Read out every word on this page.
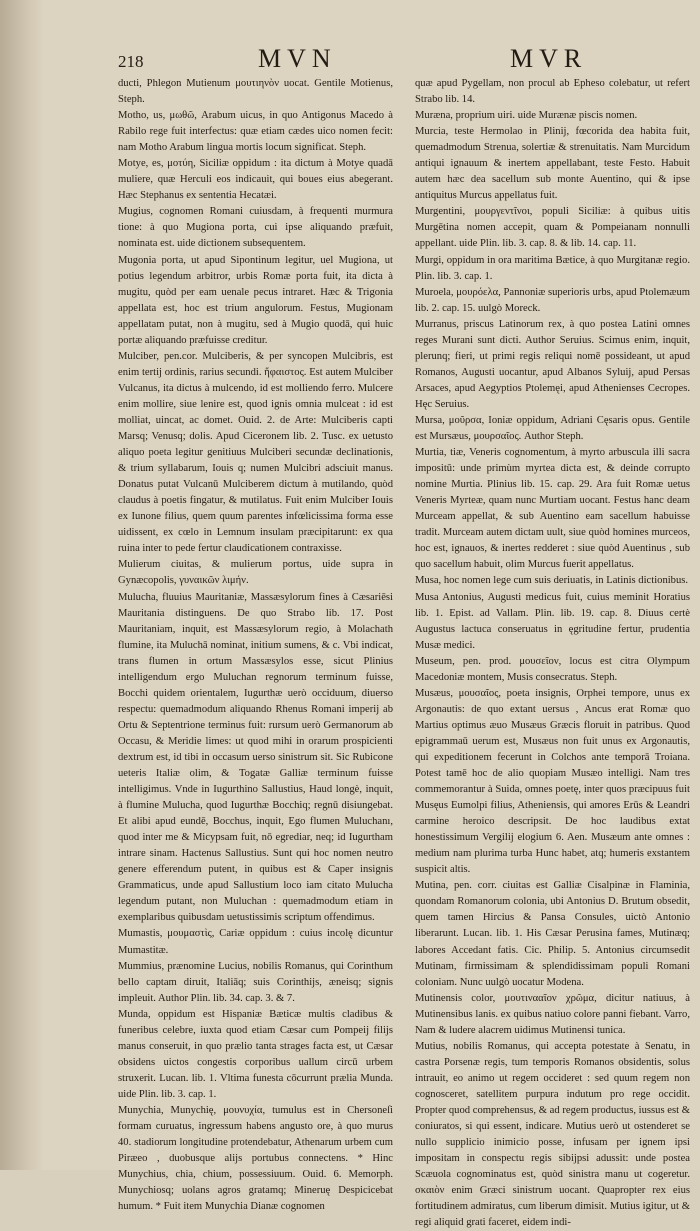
218	MVN	MVR

ducti, Phlegon Mutienum μουτιηνὸν uocat. Gentile Motienus, Steph.

Motho, us, μωθῶ, Arabum uicus, in quo Antigonus Macedo à Rabilo rege fuit interfectus: quæ etiam cædes uico nomen fecit: nam Motho Arabum lingua mortis locum significat. Steph.

Motye, es, μοτύη, Siciliæ oppidum : ita dictum à Motye quadā muliere, quæ Herculi eos indicauit, qui boues eius abegerant. Hæc Stephanus ex sententia Hecatæi.

Mugius, cognomen Romani cuiusdam, à frequenti murmura tione: à quo Mugiona porta, cui ipse aliquando præfuit, nominata est. uide dictionem subsequentem.

Mugonia porta, ut apud Sipontinum legitur, uel Mugiona, ut potius legendum arbitror, urbis Romæ porta fuit, ita dicta à mugitu, quòd per eam uenale pecus intraret. Hæc & Trigonia appellata est, hoc est trium angulorum. Festus, Mugionam appellatam putat, non à mugitu, sed à Mugio quodā, qui huic portæ aliquando præfuisse creditur.

Mulciber, pen.cor. Mulciberis, & per syncopen Mulcibris, est enim tertij ordinis, rarius secundi. ἥφαιστος. Est autem Mulciber Vulcanus, ita dictus à mulcendo, id est molliendo ferro. Mulcere enim mollire, siue lenire est, quod ignis omnia mulceat : id est molliat, uincat, ac domet. Ouid. 2. de Arte: Mulciberis capti Marsq; Venusq; dolis. Apud Ciceronem lib. 2. Tusc. ex uetusto aliquo poeta legitur genitiuus Mulciberi secundæ declinationis, & trium syllabarum, Iouis q; numen Mulcibri adsciuit manus. Donatus putat Vulcanū Mulciberem dictum à mutilando, quòd claudus à poetis fingatur, & mutilatus. Fuit enim Mulciber Iouis ex Iunone filius, quem quum parentes infœlicissima forma esse uidissent, ex cœlo in Lemnum insulam præcipitarunt: ex qua ruina inter to pede fertur claudicationem contraxisse.

Mulierum ciuitas, & mulierum portus, uide supra in Gynæcopolis, γυναικῶν λιμήν.

Mulucha, fluuius Mauritaniæ, Massæsylorum fines à Cæsariēsi Mauritania distinguens. De quo Strabo lib. 17. Post Mauritaniam, inquit, est Massæsylorum regio, à Molachath flumine, ita Muluchā nominat, initium sumens, & c. Vbi indicat, trans flumen in ortum Massæsylos esse, sicut Plinius intelligendum ergo Muluchan regnorum terminum fuisse, Bocchi quidem orientalem, Iugurthæ uerò occiduum, diuerso respectu: quemadmodum aliquando Rhenus Romani imperij ab Ortu & Septentrione terminus fuit: rursum uerò Germanorum ab Occasu, & Meridie limes: ut quod mihi in orarum prospicienti dextrum est, id tibi in occasum uerso sinistrum sit. Sic Rubicone ueteris Italiæ olim, & Togatæ Galliæ terminum fuisse intelligimus. Vnde in Iugurthino Sallustius, Haud longè, inquit, à flumine Mulucha, quod Iugurthæ Bocchiq; regnū disiungebat. Et alibi apud eundē, Bocchus, inquit, Ego flumen Muluchanı, quod inter me & Micypsam fuit, nō egrediar, neq; id Iugurtham intrare sinam. Hactenus Sallustius. Sunt qui hoc nomen neutro genere efferendum putent, in quibus est & Caper insignis Grammaticus, unde apud Sallustium loco iam citato Mulucha legendum putant, non Muluchan : quemadmodum etiam in exemplaribus quibusdam uetustissimis scriptum offendimus.

Mumastis, μουμαστὶς, Cariæ oppidum : cuius incolę dicuntur Mumastitæ.

Mummius, prænomine Lucius, nobilis Romanus, qui Corinthum bello captam diruit, Italiāq; suis Corinthijs, æneisq; signis impleuit. Author Plin. lib. 34. cap. 3. & 7.

Munda, oppidum est Hispaniæ Bæticæ multis cladibus & funeribus celebre, iuxta quod etiam Cæsar cum Pompeij filijs manus conseruit, in quo prælio tanta strages facta est, ut Cæsar obsidens uictos congestis corporibus uallum circū urbem struxerit. Lucan. lib. 1. Vltima funesta cōcurrunt prælia Munda. uide Plin. lib. 3. cap. 1.

Munychia, Munychię, μουνυχία, tumulus est in Chersoneſi formam curuatus, ingressum habens angusto ore, à quo murus 40. stadiorum longitudine protendebatur, Athenarum urbem cum Piræeo , duobusque alijs portubus connectens. * Hinc Munychius, chia, chium, possessiuum. Ouid. 6. Memorph. Munychiosq; uolans agros gratamq; Mineruę Despicicebat humum. * Fuit item Munychia Dianæ cognomen

quæ apud Pygellam, non procul ab Epheso colebatur, ut refert Strabo lib. 14.

Muræna, proprium uiri. uide Murænæ piscis nomen.

Murcia, teste Hermolao in Plinij, fœcorida dea habita fuit, quemadmodum Strenua, solertiæ & strenuitatis. Nam Murcidum antiqui ignauum & inertem appellabant, teste Festo. Habuit autem hæc dea sacellum sub monte Auentino, qui & ipse antiquitus Murcus appellatus fuit.

Murgentini, μουργεντῖνοι, populi Siciliæ: à quibus uitis Murgētina nomen accepit, quam & Pompeianam nonnulli appellant. uide Plin. lib. 3. cap. 8. & lib. 14. cap. 11.

Murgi, oppidum in ora maritima Bætice, à quo Murgitanæ regio. Plin. lib. 3. cap. 1.

Muroela, μουρόελα, Pannoniæ superioris urbs, apud Ptolemæum lib. 2. cap. 15. uulgò Moreck.

Murranus, priscus Latinorum rex, à quo postea Latini omnes reges Murani sunt dicti. Author Seruius. Scimus enim, inquit, plerunq; fieri, ut primi regis reliqui nomē possideant, ut apud Romanos, Augusti uocantur, apud Albanos Syluij, apud Persas Arsaces, apud Aegyptios Ptolemęi, apud Athenienses Cecropes. Hęc Seruius.

Mursa, μοῦρσα, Ioniæ oppidum, Adriani Cęsaris opus. Gentile est Mursæus, μουρσαῖος. Author Steph.

Murtia, tiæ, Veneris cognomentum, à myrto arbuscula illi sacra impositū: unde primùm myrtea dicta est, & deinde corrupto nomine Murtia. Plinius lib. 15. cap. 29. Ara fuit Romæ uetus Veneris Myrteæ, quam nunc Murtiam uocant. Festus hanc deam Murceam appellat, & sub Auentino eam sacellum habuisse tradit. Murceam autem dictam uult, siue quòd homines murceos, hoc est, ignauos, & inertes redderet : siue quòd Auentinus , sub quo sacellum habuit, olim Murcus fuerit appellatus.

Musa, hoc nomen lege cum suis deriuatis, in Latinis dictionibus.

Musa Antonius, Augusti medicus fuit, cuius meminit Horatius lib. 1. Epist. ad Vallam. Plin. lib. 19. cap. 8. Diuus certè Augustus lactuca conseruatus in ęgritudine fertur, prudentia Musæ medici.

Museum, pen. prod. μουσεῖον, locus est citra Olympum Macedoniæ montem, Musis consecratus. Steph.

Musæus, μουσαῖος, poeta insignis, Orphei tempore, unus ex Argonautis: de quo extant uersus , Ancus erat Romæ quo Martius optimus æuo Musæus Græcis floruit in patribus. Quod epigrammaū uerum est, Musæus non fuit unus ex Argonautis, qui expeditionem fecerunt in Colchos ante temporā Troiana. Potest tamē hoc de alio quopiam Musæo intelligi. Nam tres commemorantur à Suida, omnes poetę, inter quos præcipuus fuit Musęus Eumolpi filius, Atheniensis, qui amores Erūs & Leandri carmine heroico descripsit. De hoc laudibus extat honestissimum Vergilij elogium 6. Aen. Musæum ante omnes : medium nam plurima turba Hunc habet, atq; humeris exstantem suspicit altis.

Mutina, pen. corr. ciuitas est Galliæ Cisalpinæ in Flaminia, quondam Romanorum colonia, ubi Antonius D. Brutum obsedit, quem tamen Hircius & Pansa Consules, uictò Antonio liberarunt. Lucan. lib. 1. His Cæsar Perusina fames, Mutinæq; labores Accedant fatis. Cic. Philip. 5. Antonius circumsedit Mutinam, firmissimam & splendidissimam populi Romani coloniam. Nunc uulgò uocatur Modena.

Mutinensis color, μουτινααῖον χρῶμα, dicitur natiuus, à Mutinensibus lanis. ex quibus natiuo colore panni fiebant. Varro, Nam & ludere alacrem uidimus Mutinensi tunica.

Mutius, nobilis Romanus, qui accepta potestate à Senatu, in castra Porsenæ regis, tum temporis Romanos obsidentis, solus intrauit, eo animo ut regem occideret : sed quum regem non cognosceret, satellitem purpura indutum pro rege occidit. Propter quod comprehensus, & ad regem productus, iussus est & coniuratos, si qui essent, indicare. Mutius uerò ut ostenderet se nullo supplicio inimicio posse, infusam per ignem ipsi impositam in conspectu regis sibijpsi adussit: unde postea Scæuola cognominatus est, quòd sinistra manu ut cogeretur. σκαιὸν enim Græci sinistrum uocant. Quapropter rex eius fortitudinem admiratus, cum liberum dimisit. Mutius igitur, ut & regi aliquid grati faceret, eidem indi-
